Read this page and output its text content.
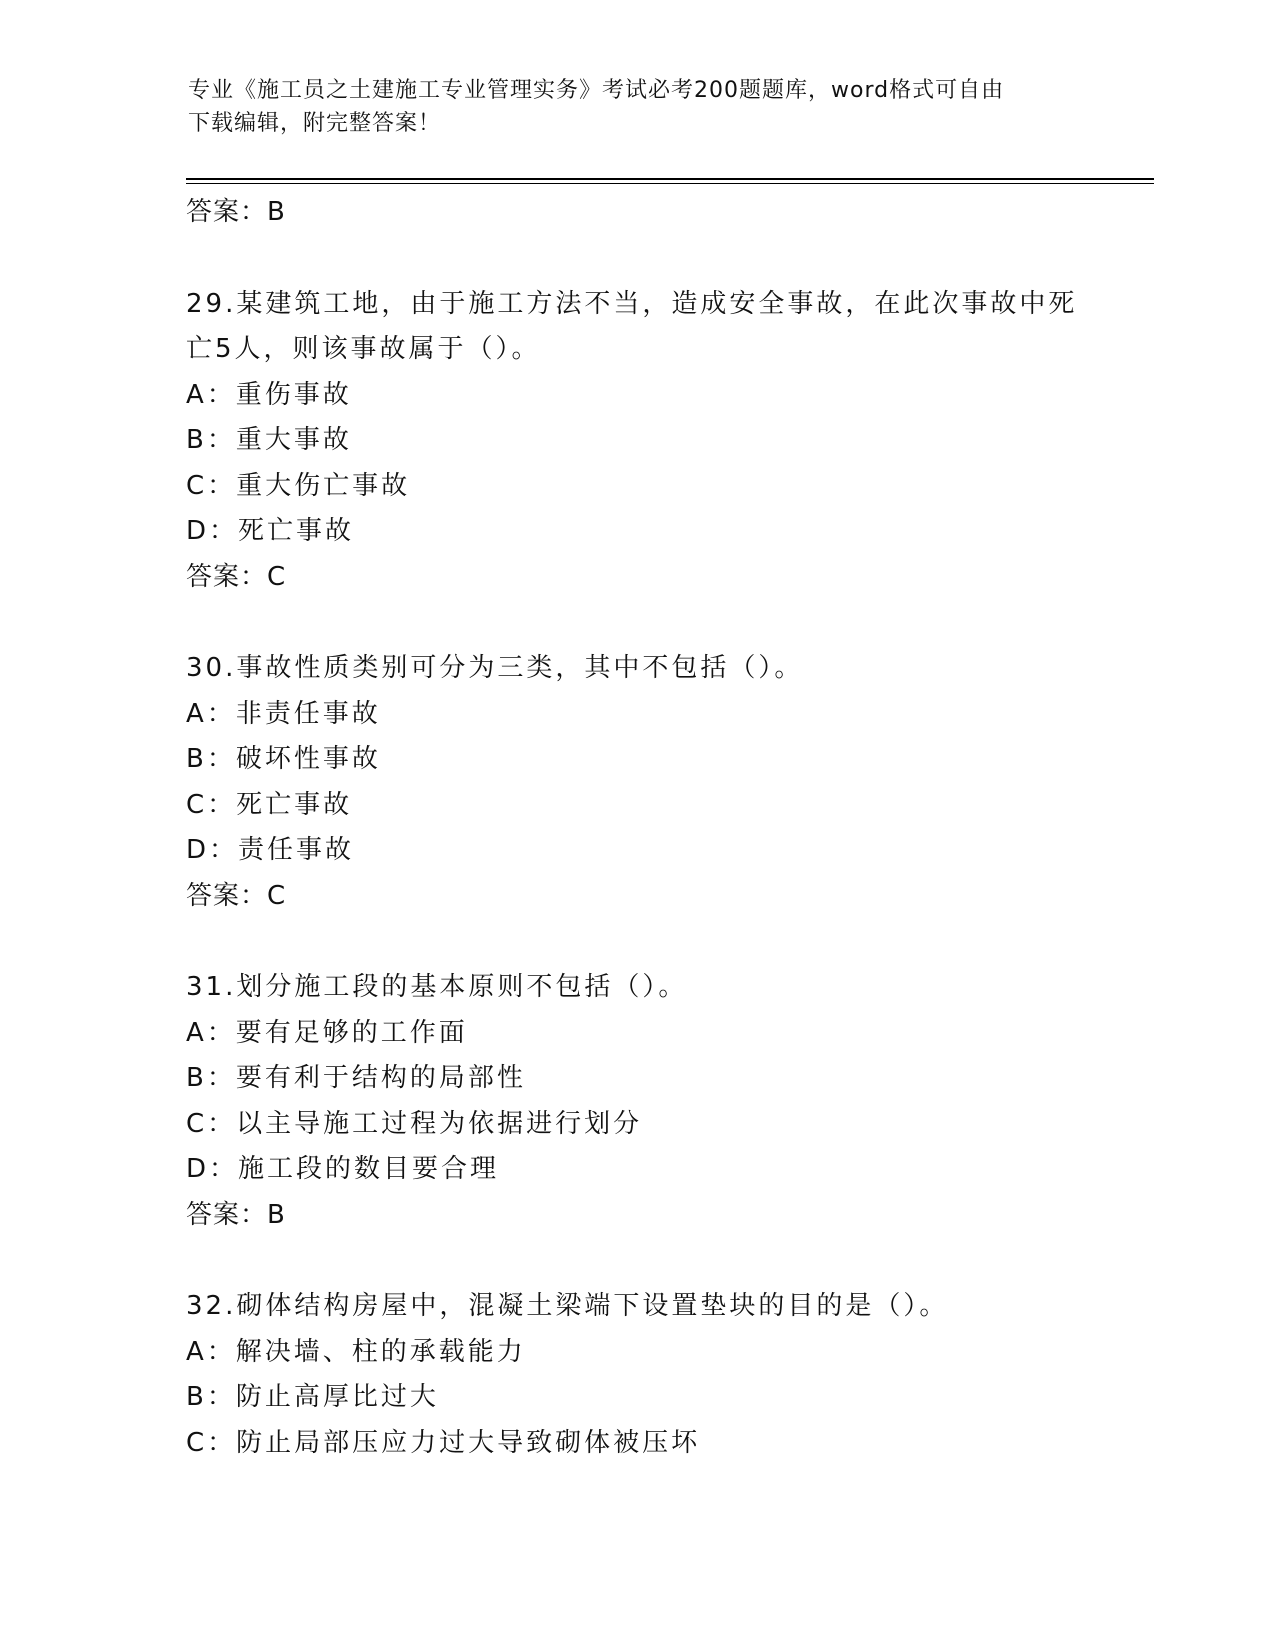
专业《施工员之土建施工专业管理实务》考试必考200题题库，word格式可自由
下载编辑，附完整答案！
答案：B
29.某建筑工地，由于施工方法不当，造成安全事故，在此次事故中死
亡5人，则该事故属于（）。
A：重伤事故
B：重大事故
C：重大伤亡事故
D：死亡事故
答案：C
30.事故性质类别可分为三类，其中不包括（）。
A：非责任事故
B：破坏性事故
C：死亡事故
D：责任事故
答案：C
31.划分施工段的基本原则不包括（）。
A：要有足够的工作面
B：要有利于结构的局部性
C：以主导施工过程为依据进行划分
D：施工段的数目要合理
答案：B
32.砌体结构房屋中，混凝土梁端下设置垫块的目的是（）。
A：解决墙、柱的承载能力
B：防止高厚比过大
C：防止局部压应力过大导致砌体被压坏
